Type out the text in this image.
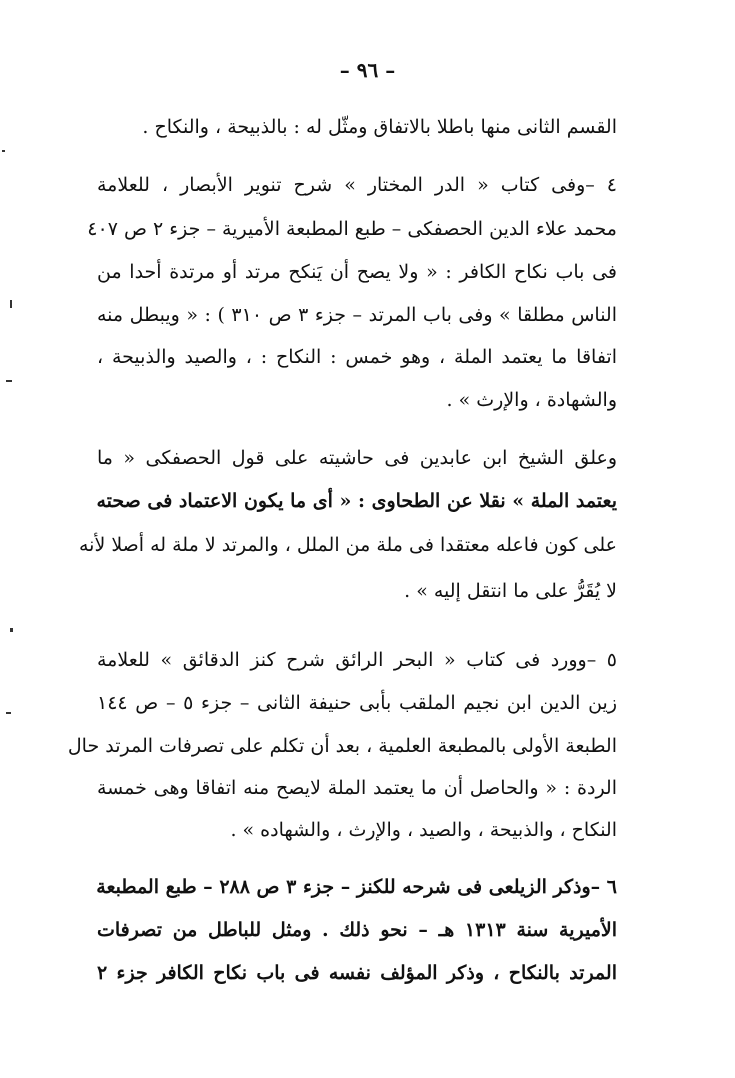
– ٩٦ –
القسم الثانى منها باطلا بالاتفاق ومثّل له : بالذبيحة ، والنكاح .
٤ –وفى كتاب « الدر المختار » شرح تنوير الأبصار ، للعلامة
محمد علاء الدين الحصفكى – طبع المطبعة الأميرية – جزء ٢ ص ٤٠٧
فى باب نكاح الكافر : « ولا يصح أن يَنكح مرتد أو مرتدة أحدا من
الناس مطلقا » وفى باب المرتد – جزء ٣ ص ٣١٠ ) : « ويبطل منه
اتفاقا ما يعتمد الملة ، وهو خمس : النكاح : ، والصيد والذبيحة ،
والشهادة ، والإرث » .
وعلق الشيخ ابن عابدين فى حاشيته على قول الحصفكى « ما
يعتمد الملة » نقلا عن الطحاوى : « أى ما يكون الاعتماد فى صحته
على كون فاعله معتقدا فى ملة من الملل ، والمرتد لا ملة له أصلا لأنه
لا يُقَرُّ على ما انتقل إليه » .
٥ –وورد فى كتاب « البحر الرائق شرح كنز الدقائق » للعلامة
زين الدين ابن نجيم الملقب بأبى حنيفة الثانى – جزء ٥ – ص ١٤٤
الطبعة الأولى بالمطبعة العلمية ، بعد أن تكلم على تصرفات المرتد حال
الردة : « والحاصل أن ما يعتمد الملة لايصح منه اتفاقا وهى خمسة
النكاح ، والذبيحة ، والصيد ، والإرث ، والشهاده » .
٦ –وذكر الزيلعى فى شرحه للكنز – جزء ٣ ص ٢٨٨ – طبع المطبعة
الأميرية سنة ١٣١٣ هـ – نحو ذلك . ومثل للباطل من تصرفات
المرتد بالنكاح ، وذكر المؤلف نفسه فى باب نكاح الكافر جزء ٢
